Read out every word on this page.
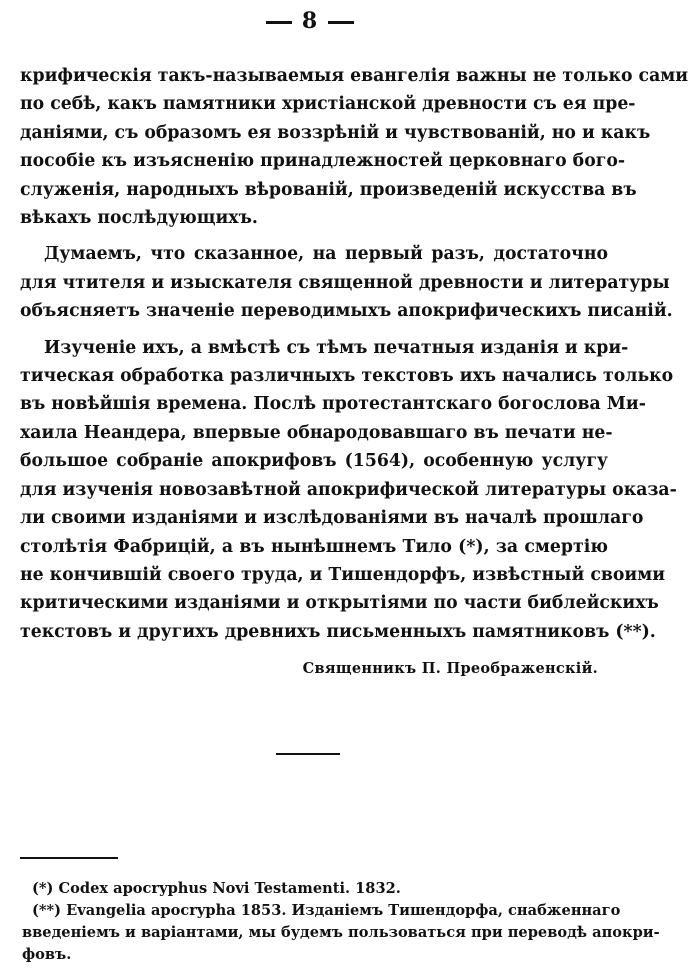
8
крифическія такъ-называемыя евангелія важны не только сами
по себѣ, какъ памятники христіанской древности съ ея пре-
даніями, съ образомъ ея воззрѣній и чувствованій, но и какъ
пособіе къ изъясненію принадлежностей церковнаго бого-
служенія, народныхъ вѣрованій, произведеній искусства въ
вѣкахъ послѣдующихъ.
Думаемъ, что сказанное, на первый разъ, достаточно
для чтителя и изыскателя священной древности и литературы
объясняетъ значеніе переводимыхъ апокрифическихъ писаній.
Изученіе ихъ, а вмѣстѣ съ тѣмъ печатныя изданія и кри-
тическая обработка различныхъ текстовъ ихъ начались только
въ новѣйшія времена. Послѣ протестантскаго богослова Ми-
хаила Неандера, впервые обнародовавшаго въ печати не-
большое собраніе апокрифовъ (1564), особенную услугу
для изученія новозавѣтной апокрифической литературы оказа-
ли своими изданіями и изслѣдованіями въ началѣ прошлаго
столѣтія Фабрицій, а въ нынѣшнемъ Тило (*), за смертію
не кончившій своего труда, и Тишендорфъ, извѣстный своими
критическими изданіями и открытіями по части библейскихъ
текстовъ и другихъ древнихъ письменныхъ памятниковъ (**).
Священникъ П. Преображенскій.
(*) Codex apocryphus Novi Testamenti. 1832.
(**) Evangelia apocrypha 1853. Изданіемъ Тишендорфа, снабженнаго
введеніемъ и варіантами, мы будемъ пользоваться при переводѣ апокри-
фовъ.
